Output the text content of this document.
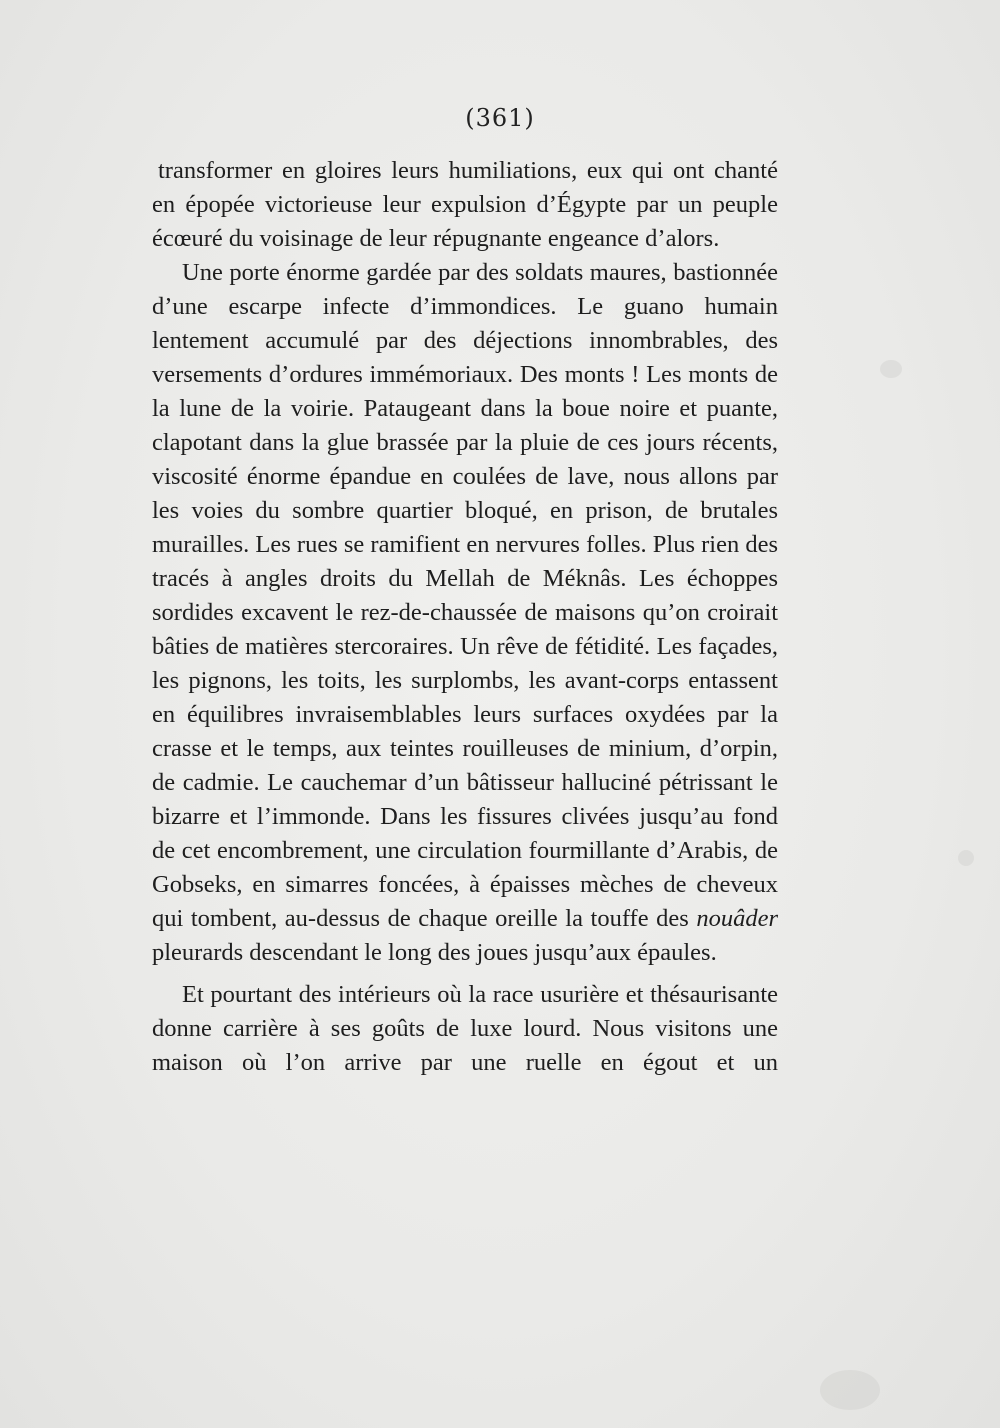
(361)

transformer en gloires leurs humiliations, eux qui ont chanté en épopée victorieuse leur expulsion d’Égypte par un peuple écœuré du voisinage de leur répugnante engeance d’alors.

Une porte énorme gardée par des soldats maures, bastionnée d’une escarpe infecte d’immondices. Le guano humain lentement accumulé par des déjections innombrables, des versements d’ordures immémoriaux. Des monts ! Les monts de la lune de la voirie. Pataugeant dans la boue noire et puante, clapotant dans la glue brassée par la pluie de ces jours récents, viscosité énorme épandue en coulées de lave, nous allons par les voies du sombre quartier bloqué, en prison, de brutales murailles. Les rues se ramifient en nervures folles. Plus rien des tracés à angles droits du Mellah de Méknâs. Les échoppes sordides excavent le rez-de-chaussée de maisons qu’on croirait bâties de matières stercoraires. Un rêve de fétidité. Les façades, les pignons, les toits, les surplombs, les avant-corps entassent en équilibres invraisemblables leurs surfaces oxydées par la crasse et le temps, aux teintes rouilleuses de minium, d’orpin, de cadmie. Le cauchemar d’un bâtisseur halluciné pétrissant le bizarre et l’immonde. Dans les fissures clivées jusqu’au fond de cet encombrement, une circulation fourmillante d’Arabis, de Gobseks, en simarres foncées, à épaisses mèches de cheveux qui tombent, au-dessus de chaque oreille la touffe des nouâder pleurards descendant le long des joues jusqu’aux épaules.

Et pourtant des intérieurs où la race usurière et thésaurisante donne carrière à ses goûts de luxe lourd. Nous visitons une maison où l’on arrive par une ruelle en égout et un
